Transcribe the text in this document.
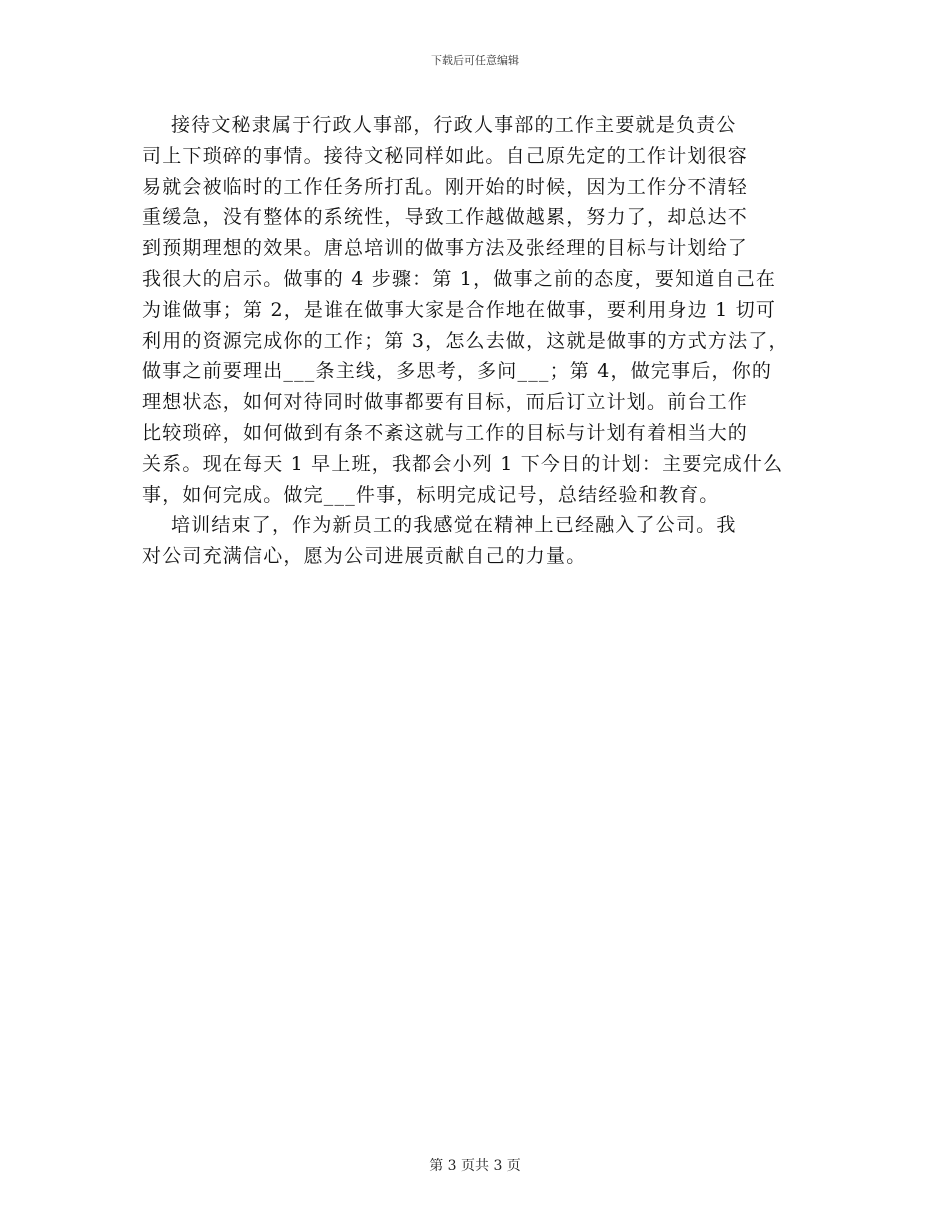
下载后可任意编辑
接待文秘隶属于行政人事部，行政人事部的工作主要就是负责公
司上下琐碎的事情。接待文秘同样如此。自己原先定的工作计划很容
易就会被临时的工作任务所打乱。刚开始的时候，因为工作分不清轻
重缓急，没有整体的系统性，导致工作越做越累，努力了，却总达不
到预期理想的效果。唐总培训的做事方法及张经理的目标与计划给了
我很大的启示。做事的 4 步骤：第 1，做事之前的态度，要知道自己在
为谁做事；第 2，是谁在做事大家是合作地在做事，要利用身边 1 切可
利用的资源完成你的工作；第 3，怎么去做，这就是做事的方式方法了，
做事之前要理出___条主线，多思考，多问___；第 4，做完事后，你的
理想状态，如何对待同时做事都要有目标，而后订立计划。前台工作
比较琐碎，如何做到有条不紊这就与工作的目标与计划有着相当大的
关系。现在每天 1 早上班，我都会小列 1 下今日的计划：主要完成什么
事，如何完成。做完___件事，标明完成记号，总结经验和教育。
培训结束了，作为新员工的我感觉在精神上已经融入了公司。我
对公司充满信心，愿为公司进展贡献自己的力量。
第 3 页共 3 页
